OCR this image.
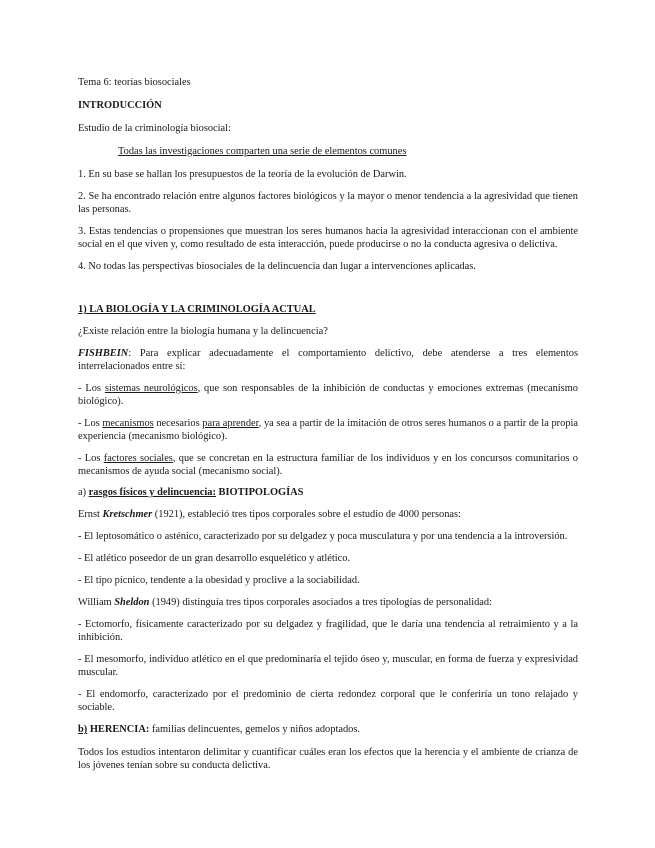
Tema 6: teorías biosociales

INTRODUCCIÓN

Estudio de la criminología biosocial:

Todas las investigaciones comparten una serie de elementos comunes

1. En su base se hallan los presupuestos de la teoría de la evolución de Darwin.

2. Se ha encontrado relación entre algunos factores biológicos y la mayor o menor tendencia a la agresividad que tienen las personas.

3. Estas tendencias o propensiones que muestran los seres humanos hacia la agresividad interaccionan con el ambiente social en el que viven y, como resultado de esta interacción, puede producirse o no la conducta agresiva o delictiva.

4. No todas las perspectivas biosociales de la delincuencia dan lugar a intervenciones aplicadas.

1) LA BIOLOGÍA Y LA CRIMINOLOGÍA ACTUAL

¿Existe relación entre la biología humana y la delincuencia?

FISHBEIN: Para explicar adecuadamente el comportamiento delictivo, debe atenderse a tres elementos interrelacionados entre sí:

- Los sistemas neurológicos, que son responsables de la inhibición de conductas y emociones extremas (mecanismo biológico).

- Los mecanismos necesarios para aprender, ya sea a partir de la imitación de otros seres humanos o a partir de la propia experiencia (mecanismo biológico).

- Los factores sociales, que se concretan en la estructura familiar de los individuos y en los concursos comunitarios o mecanismos de ayuda social (mecanismo social).

a) rasgos físicos y delincuencia: BIOTIPOLOGÍAS

Ernst Kretschmer (1921), estableció tres tipos corporales sobre el estudio de 4000 personas:

- El leptosomático o asténico, caracterizado por su delgadez y poca musculatura y por una tendencia a la introversión.

- El atlético poseedor de un gran desarrollo esquelético y atlético.

- El tipo pícnico, tendente a la obesidad y proclive a la sociabilidad.

William Sheldon (1949) distinguía tres tipos corporales asociados a tres tipologías de personalidad:

- Ectomorfo, físicamente caracterizado por su delgadez y fragilidad, que le daría una tendencia al retraimiento y a la inhibición.

- El mesomorfo, individuo atlético en el que predominaría el tejido óseo y, muscular, en forma de fuerza y expresividad muscular.

- El endomorfo, caracterizado por el predominio de cierta redondez corporal que le conferiría un tono relajado y sociable.

b) HERENCIA: familias delincuentes, gemelos y niños adoptados.

Todos los estudios intentaron delimitar y cuantificar cuáles eran los efectos que la herencia y el ambiente de crianza de los jóvenes tenían sobre su conducta delictiva.
